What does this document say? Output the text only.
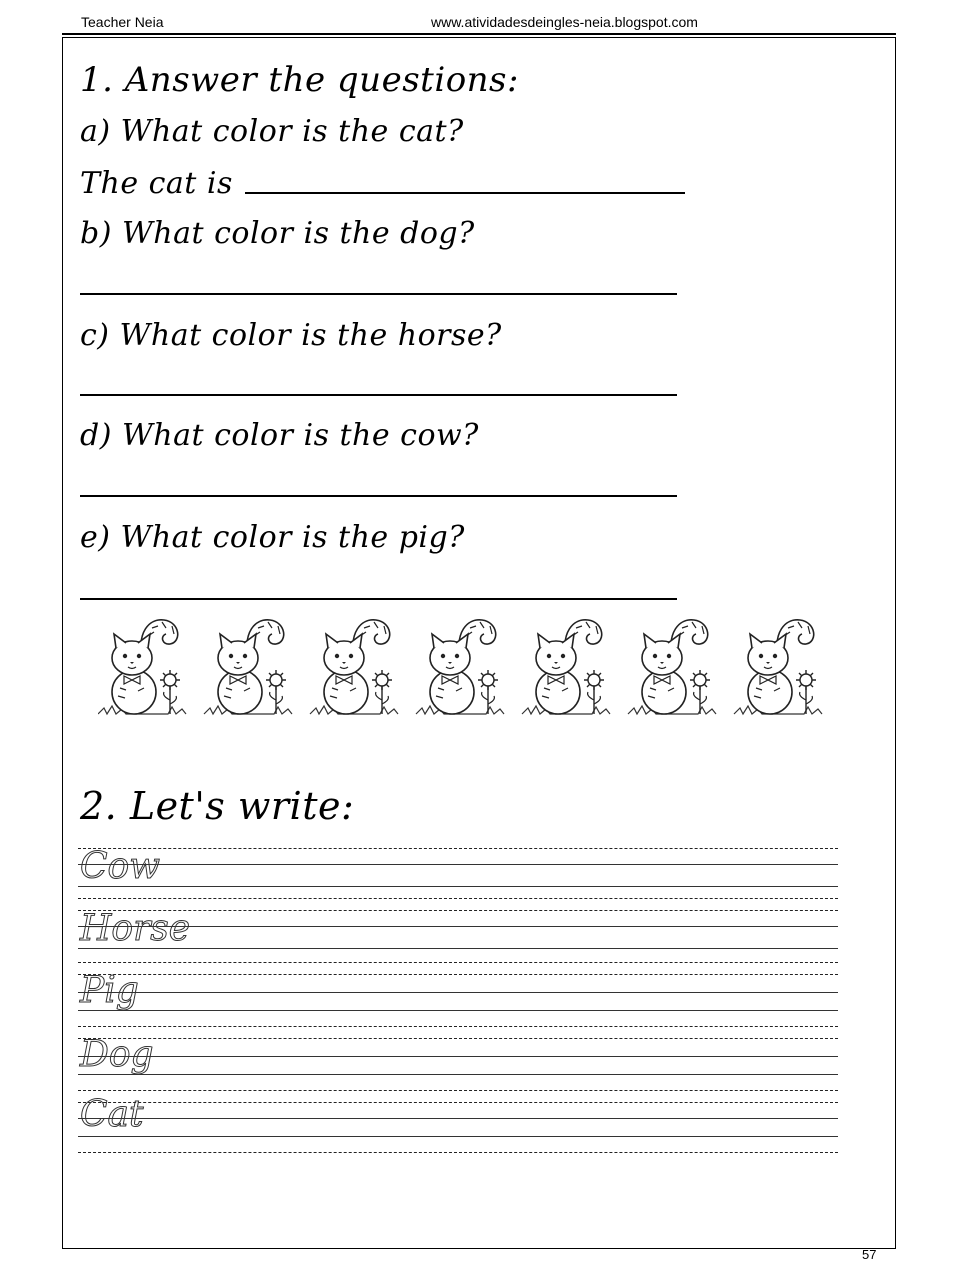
Teacher Neia	www.atividadesdeingles-neia.blogspot.com
1. Answer the questions:
a) What color is the cat?
The cat is
b) What color is the dog?
c) What color is the horse?
d) What color is the cow?
e) What color is the pig?
2. Let's write:
Cow
Horse
Pig
Dog
Cat
57
